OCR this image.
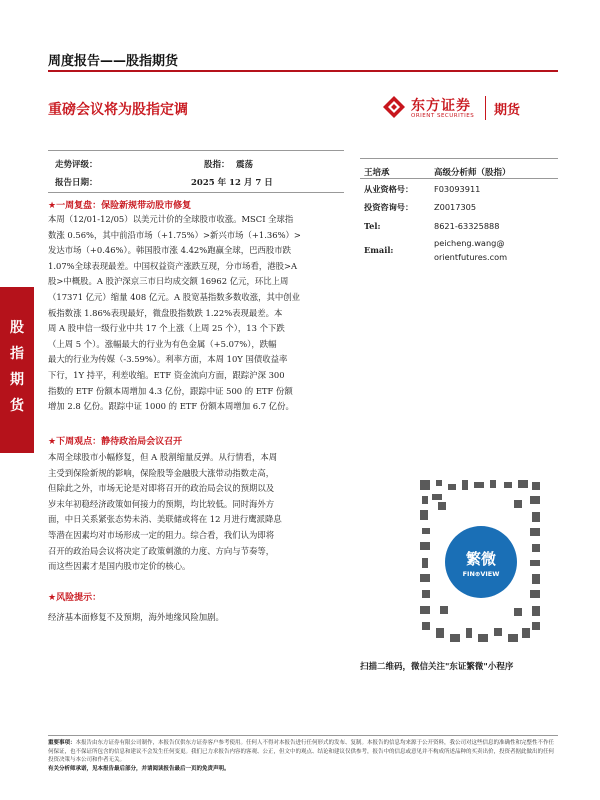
周度报告——股指期货
重磅会议将为股指定调	东方证券
ORIENT SECURITIES 期货
走势评级：	股指： 震荡
报告日期：	2025 年 12 月 7 日
★一周复盘：保险新规带动股市修复
本周（12/01-12/05）以美元计价的全球股市收涨。MSCI 全球指
数涨 0.56%，其中前沿市场（+1.75%）>新兴市场（+1.36%）>
发达市场（+0.46%）。韩国股市涨 4.42%跑赢全球，巴西股市跌
1.07%全球表现最差。中国权益资产涨跌互现，分市场看，港股>A
股>中概股。A 股沪深京三市日均成交额 16962 亿元，环比上周
（17371 亿元）缩量 408 亿元。A 股宽基指数多数收涨，其中创业
板指数涨 1.86%表现最好，微盘股指数跌 1.22%表现最差。本
周 A 股申信一级行业中共 17 个上涨（上周 25 个），13 个下跌
（上周 5 个）。涨幅最大的行业为有色金属（+5.07%），跌幅
最大的行业为传媒（-3.59%）。利率方面，本周 10Y 国债收益率
下行，1Y 持平，利差收缩。ETF 资金流向方面，跟踪沪深 300
指数的 ETF 份额本周增加 4.3 亿份，跟踪中证 500 的 ETF 份额
增加 2.8 亿份。跟踪中证 1000 的 ETF 份额本周增加 6.7 亿份。
★下周观点：静待政治局会议召开
本周全球股市小幅修复，但 A 股割缩量反弹。从行情看，本周
主受到保险新规的影响，保险股等金融股大涨带动指数走高，
但除此之外，市场无论是对即将召开的政治局会议的预期以及
岁末年初稳经济政策如何接力的预期，均比较低。同时海外方
面，中日关系紧张态势未消、美联储或将在 12 月进行鹰派降息
等潜在因素均对市场形成一定的阻力。综合看，我们认为即将
召开的政治局会议将决定了政策刺激的力度、方向与节奏等，
而这些因素才是国内股市定价的核心。
★风险提示：
经济基本面修复不及预期，海外地缘风险加剧。
股
指
期
货
王培承	高级分析师（股指）
从业资格号：	F03093911
投资咨询号：	Z0017305
Tel:	8621-63325888
Email:
peicheng.wang@
orientfutures.com
繁微
FIN⊕VIEW
扫描二维码，微信关注"东证繁微"小程序
重要事项：本报告由东方证券有限公司制作，本报告仅供东方证券客户参考使用。任何人不得对本报告进行任何形式的发布、复制。本报告的信息均来源于公开资料，我公司对这些信息的准确性和完整性不作任何保证，也不保证所包含的信息和建议不会发生任何变更。我们已力求报告内容的客观、公正，但文中的观点、结论和建议仅供参考，报告中的信息或意见并不构成所述品种的买卖出价，投资者据此做出的任何投资决策与本公司和作者无关。
有关分析师承诺，见本报告最后部分，并请阅读报告最后一页的免责声明。
